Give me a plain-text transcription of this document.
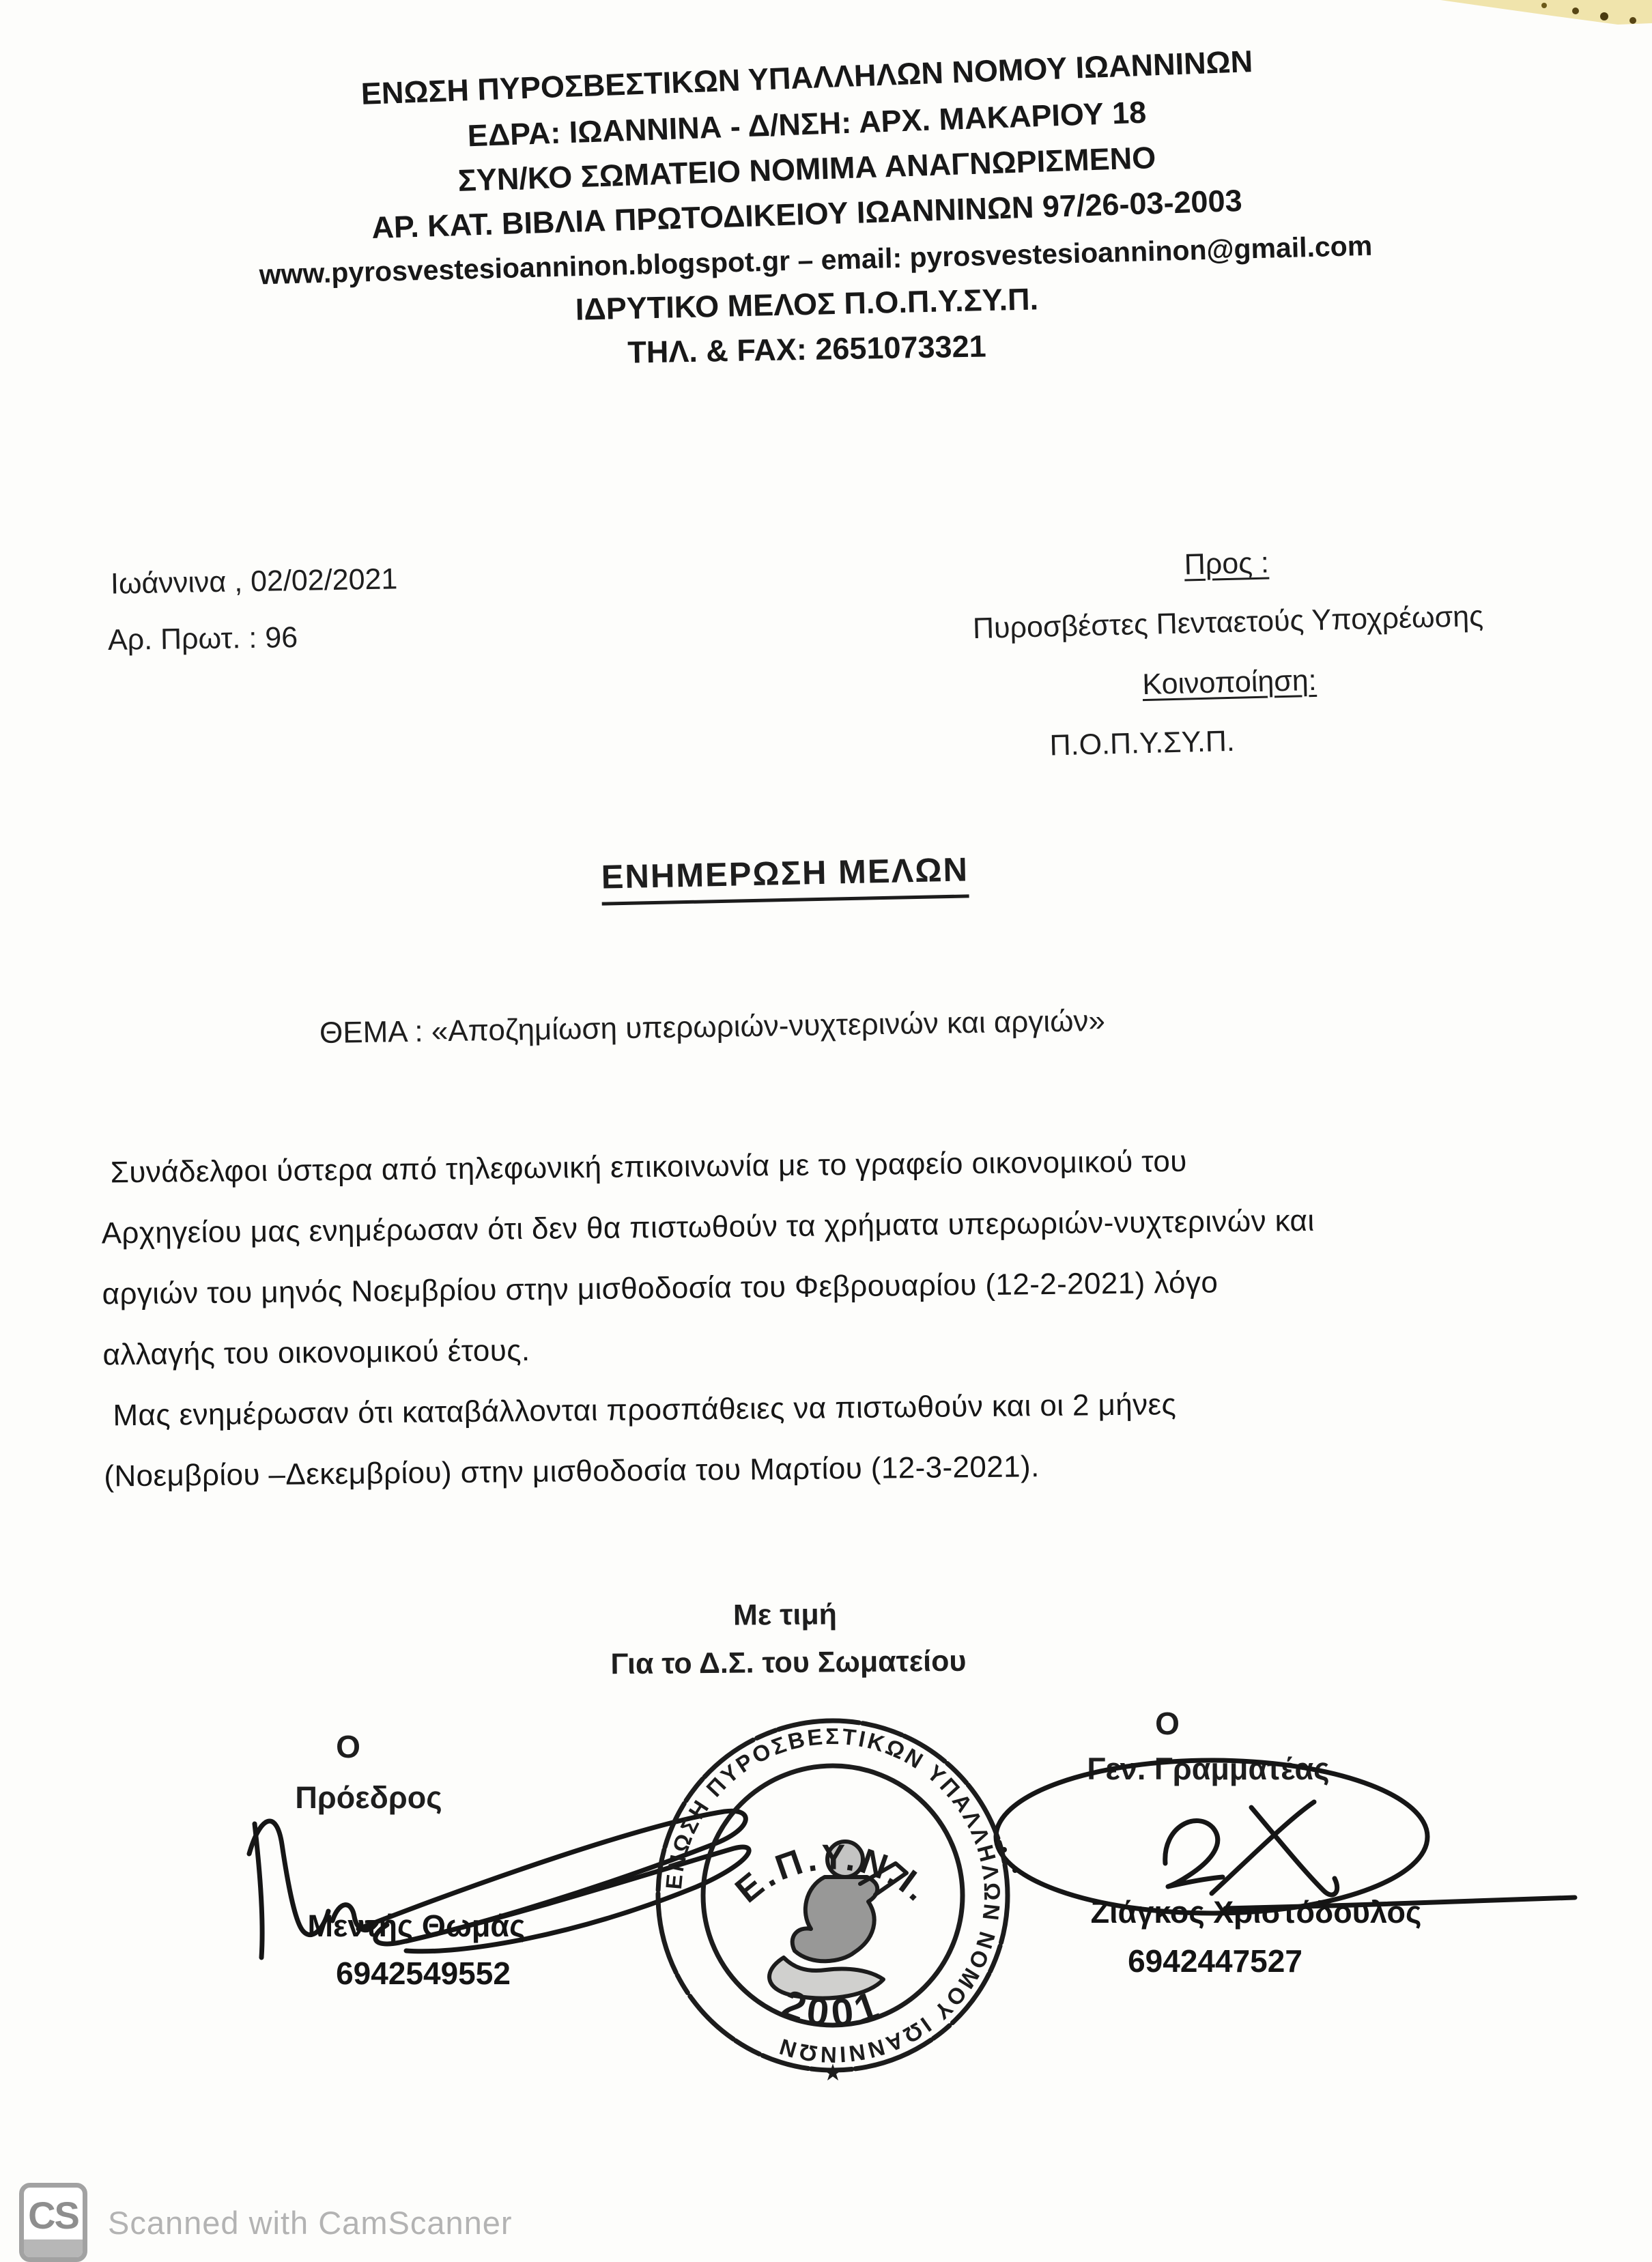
ΕΝΩΣΗ ΠΥΡΟΣΒΕΣΤΙΚΩΝ ΥΠΑΛΛΗΛΩΝ ΝΟΜΟΥ ΙΩΑΝΝΙΝΩΝ
ΕΔΡΑ: ΙΩΑΝΝΙΝΑ - Δ/ΝΣΗ: ΑΡΧ. ΜΑΚΑΡΙΟΥ 18
ΣΥΝ/ΚΟ ΣΩΜΑΤΕΙΟ ΝΟΜΙΜΑ ΑΝΑΓΝΩΡΙΣΜΕΝΟ
ΑΡ. ΚΑΤ. ΒΙΒΛΙΑ ΠΡΩΤΟΔΙΚΕΙΟΥ ΙΩΑΝΝΙΝΩΝ 97/26-03-2003
www.pyrosvestesioanninon.blogspot.gr – email: pyrosvestesioanninon@gmail.com
ΙΔΡΥΤΙΚΟ ΜΕΛΟΣ Π.Ο.Π.Υ.ΣΥ.Π.
ΤΗΛ. & FAX: 2651073321
Ιωάννινα , 02/02/2021
Αρ. Πρωτ. : 96
Προς :
Πυροσβέστες Πενταετούς Υποχρέωσης
Κοινοποίηση:
Π.Ο.Π.Υ.ΣΥ.Π.
ΕΝΗΜΕΡΩΣΗ ΜΕΛΩΝ
ΘΕΜΑ : «Αποζημίωση υπερωριών-νυχτερινών και αργιών»
Συνάδελφοι ύστερα από τηλεφωνική επικοινωνία με το γραφείο οικονομικού του
Αρχηγείου μας ενημέρωσαν ότι δεν θα πιστωθούν τα χρήματα υπερωριών-νυχτερινών και
αργιών του μηνός Νοεμβρίου στην μισθοδοσία του Φεβρουαρίου (12-2-2021) λόγο
αλλαγής του οικονομικού έτους.
Μας ενημέρωσαν ότι καταβάλλονται προσπάθειες να πιστωθούν και οι 2 μήνες
(Νοεμβρίου –Δεκεμβρίου) στην μισθοδοσία του Μαρτίου (12-3-2021).
Με τιμή
Για το Δ.Σ. του Σωματείου
Ο
Πρόεδρος
Μεντής Θωμάς
6942549552
Ο
Γεν. Γραμματέας
Ζιάγκος Χριστόδουλος
6942447527
ΕΝΩΣΗ ΠΥΡΟΣΒΕΣΤΙΚΩΝ ΥΠΑΛΛΗΛΩΝ ΝΟΜΟΥ ΙΩΑΝΝΙΝΩΝ
Ε.Π.Υ.Ν.Ι.
2001
★
CS Scanned with CamScanner
